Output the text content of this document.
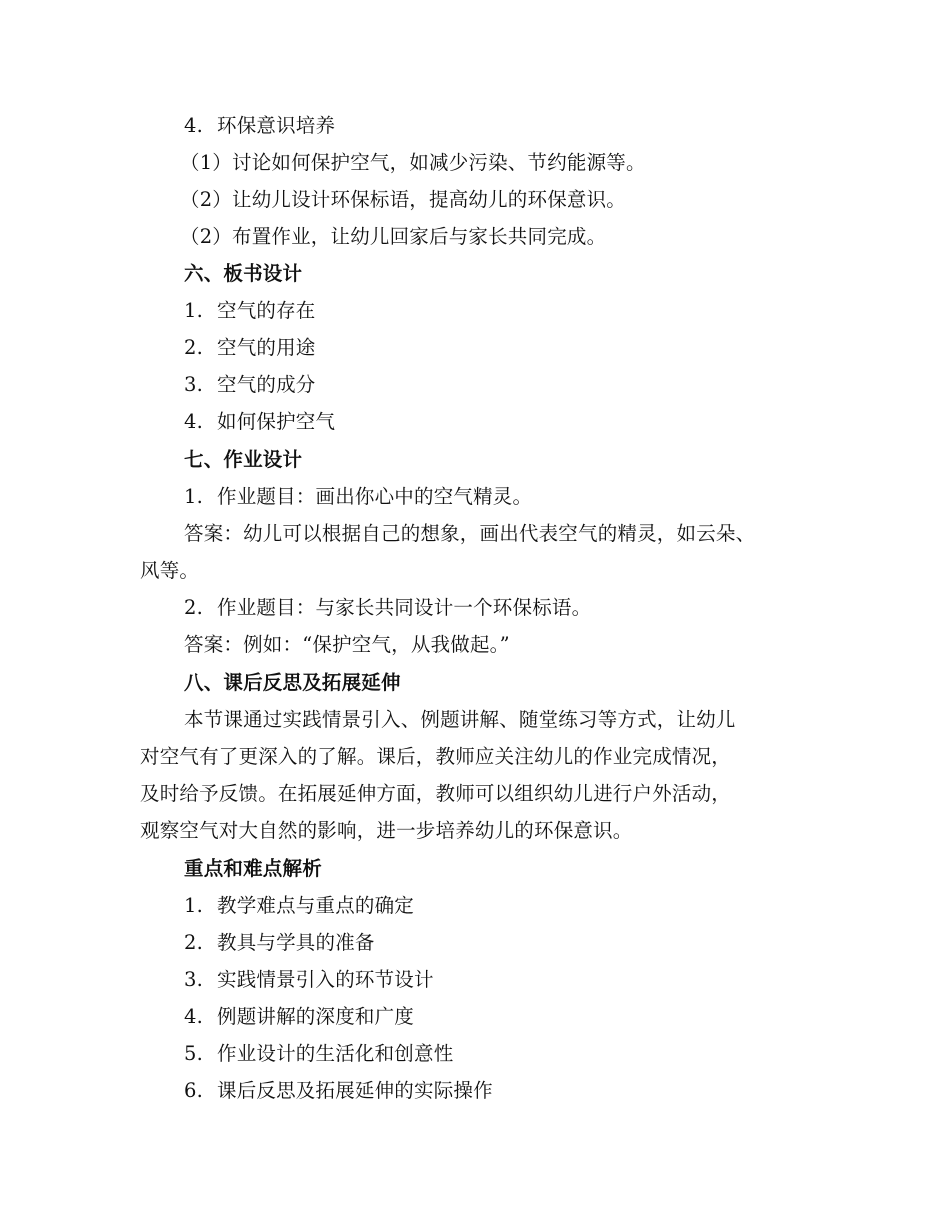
4. 环保意识培养
（1）讨论如何保护空气，如减少污染、节约能源等。
（2）让幼儿设计环保标语，提高幼儿的环保意识。
（2）布置作业，让幼儿回家后与家长共同完成。
六、板书设计
1. 空气的存在
2. 空气的用途
3. 空气的成分
4. 如何保护空气
七、作业设计
1. 作业题目：画出你心中的空气精灵。
答案：幼儿可以根据自己的想象，画出代表空气的精灵，如云朵、
风等。
2. 作业题目：与家长共同设计一个环保标语。
答案：例如：“保护空气，从我做起。”
八、课后反思及拓展延伸
本节课通过实践情景引入、例题讲解、随堂练习等方式，让幼儿
对空气有了更深入的了解。课后，教师应关注幼儿的作业完成情况，
及时给予反馈。在拓展延伸方面，教师可以组织幼儿进行户外活动，
观察空气对大自然的影响，进一步培养幼儿的环保意识。
重点和难点解析
1. 教学难点与重点的确定
2. 教具与学具的准备
3. 实践情景引入的环节设计
4. 例题讲解的深度和广度
5. 作业设计的生活化和创意性
6. 课后反思及拓展延伸的实际操作
